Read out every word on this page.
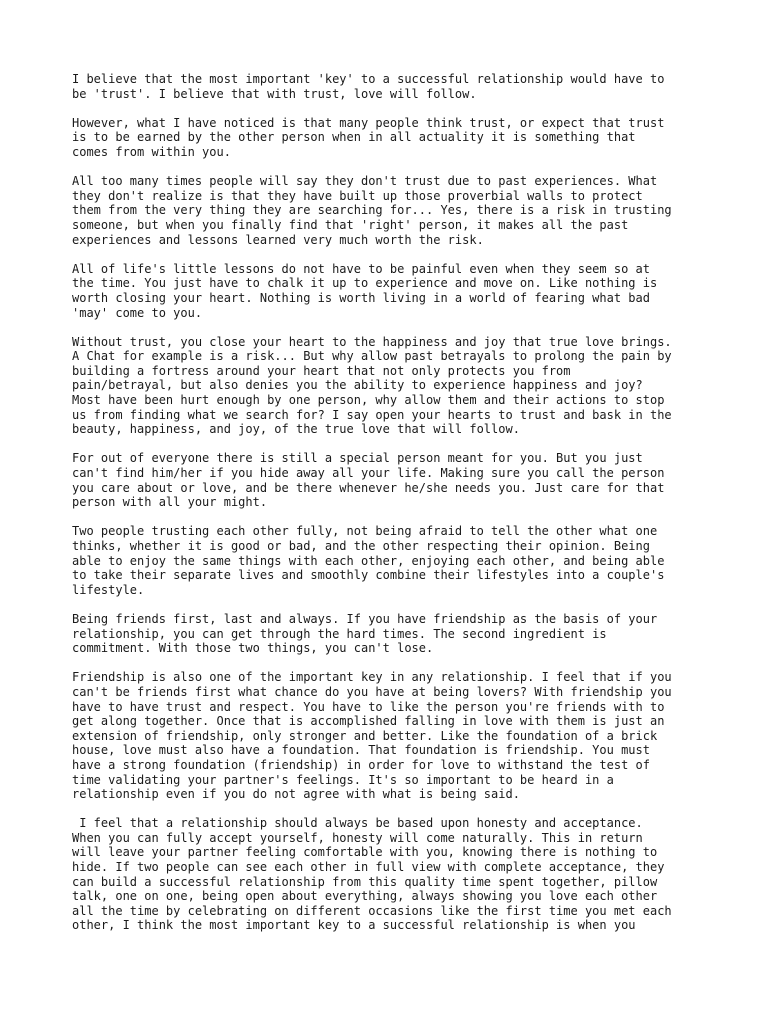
I believe that the most important 'key' to a successful relationship would have to
be 'trust'. I believe that with trust, love will follow.

However, what I have noticed is that many people think trust, or expect that trust
is to be earned by the other person when in all actuality it is something that
comes from within you.

All too many times people will say they don't trust due to past experiences. What
they don't realize is that they have built up those proverbial walls to protect
them from the very thing they are searching for... Yes, there is a risk in trusting
someone, but when you finally find that 'right' person, it makes all the past
experiences and lessons learned very much worth the risk.

All of life's little lessons do not have to be painful even when they seem so at
the time. You just have to chalk it up to experience and move on. Like nothing is
worth closing your heart. Nothing is worth living in a world of fearing what bad
'may' come to you.

Without trust, you close your heart to the happiness and joy that true love brings.
A Chat for example is a risk... But why allow past betrayals to prolong the pain by
building a fortress around your heart that not only protects you from
pain/betrayal, but also denies you the ability to experience happiness and joy?
Most have been hurt enough by one person, why allow them and their actions to stop
us from finding what we search for? I say open your hearts to trust and bask in the
beauty, happiness, and joy, of the true love that will follow.

For out of everyone there is still a special person meant for you. But you just
can't find him/her if you hide away all your life. Making sure you call the person
you care about or love, and be there whenever he/she needs you. Just care for that
person with all your might.

Two people trusting each other fully, not being afraid to tell the other what one
thinks, whether it is good or bad, and the other respecting their opinion. Being
able to enjoy the same things with each other, enjoying each other, and being able
to take their separate lives and smoothly combine their lifestyles into a couple's
lifestyle.

Being friends first, last and always. If you have friendship as the basis of your
relationship, you can get through the hard times. The second ingredient is
commitment. With those two things, you can't lose.

Friendship is also one of the important key in any relationship. I feel that if you
can't be friends first what chance do you have at being lovers? With friendship you
have to have trust and respect. You have to like the person you're friends with to
get along together. Once that is accomplished falling in love with them is just an
extension of friendship, only stronger and better. Like the foundation of a brick
house, love must also have a foundation. That foundation is friendship. You must
have a strong foundation (friendship) in order for love to withstand the test of
time validating your partner's feelings. It's so important to be heard in a
relationship even if you do not agree with what is being said.

I feel that a relationship should always be based upon honesty and acceptance.
When you can fully accept yourself, honesty will come naturally. This in return
will leave your partner feeling comfortable with you, knowing there is nothing to
hide. If two people can see each other in full view with complete acceptance, they
can build a successful relationship from this quality time spent together, pillow
talk, one on one, being open about everything, always showing you love each other
all the time by celebrating on different occasions like the first time you met each
other, I think the most important key to a successful relationship is when you
